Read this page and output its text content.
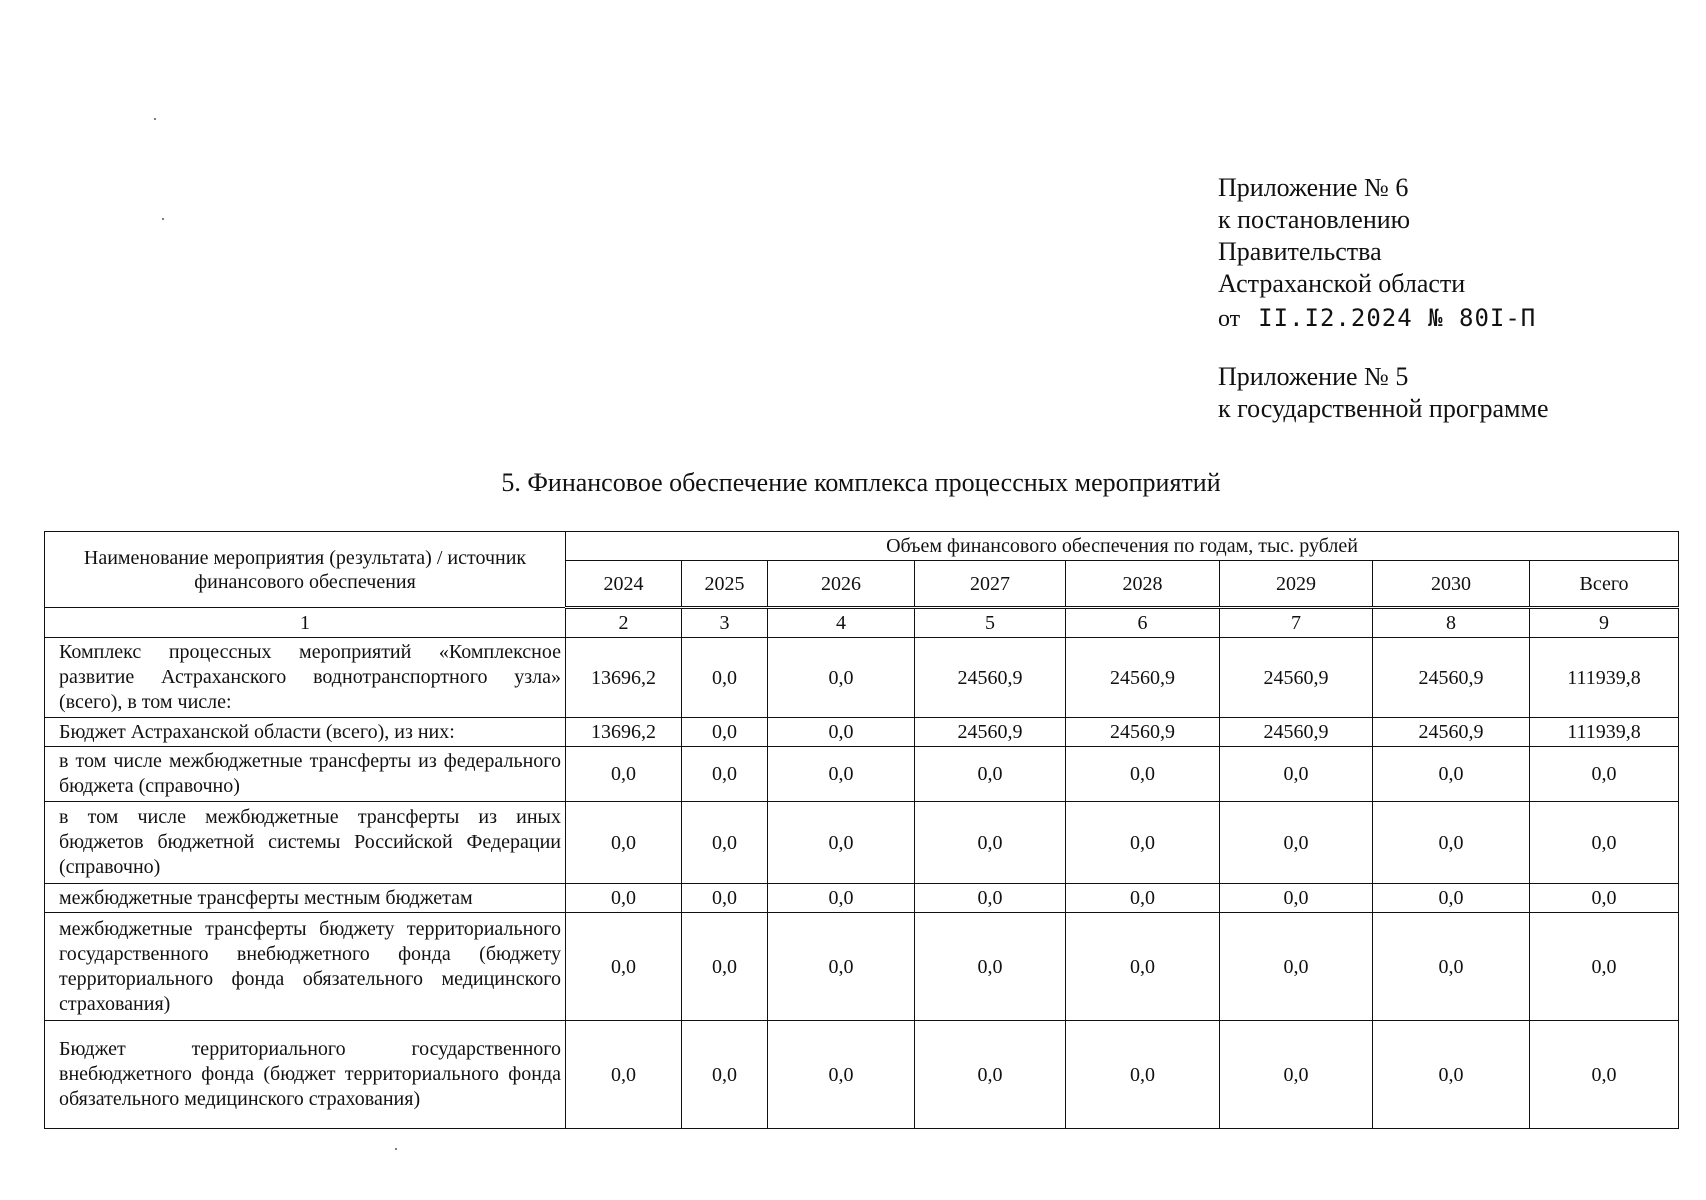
Приложение № 6
к постановлению
Правительства
Астраханской области
от II.I2.2024 № 80I-П
Приложение № 5
к государственной программе
5. Финансовое обеспечение комплекса процессных мероприятий
Наименование мероприятия (результата) / источник финансового обеспечения	Объем финансового обеспечения по годам, тыс. рублей							
	2024	2025	2026	2027	2028	2029	2030	Всего
1	2	3	4	5	6	7	8	9
Комплекс процессных мероприятий «Комплексное развитие Астраханского воднотранспортного узла» (всего), в том числе:	13696,2	0,0	0,0	24560,9	24560,9	24560,9	24560,9	111939,8
Бюджет Астраханской области (всего), из них:	13696,2	0,0	0,0	24560,9	24560,9	24560,9	24560,9	111939,8
в том числе межбюджетные трансферты из федерального бюджета (справочно)	0,0	0,0	0,0	0,0	0,0	0,0	0,0	0,0
в том числе межбюджетные трансферты из иных бюджетов бюджетной системы Российской Федерации (справочно)	0,0	0,0	0,0	0,0	0,0	0,0	0,0	0,0
межбюджетные трансферты местным бюджетам	0,0	0,0	0,0	0,0	0,0	0,0	0,0	0,0
межбюджетные трансферты бюджету территориального государственного внебюджетного фонда (бюджету территориального фонда обязательного медицинского страхования)	0,0	0,0	0,0	0,0	0,0	0,0	0,0	0,0
Бюджет территориального государственного внебюджетного фонда (бюджет территориального фонда обязательного медицинского страхования)	0,0	0,0	0,0	0,0	0,0	0,0	0,0	0,0
